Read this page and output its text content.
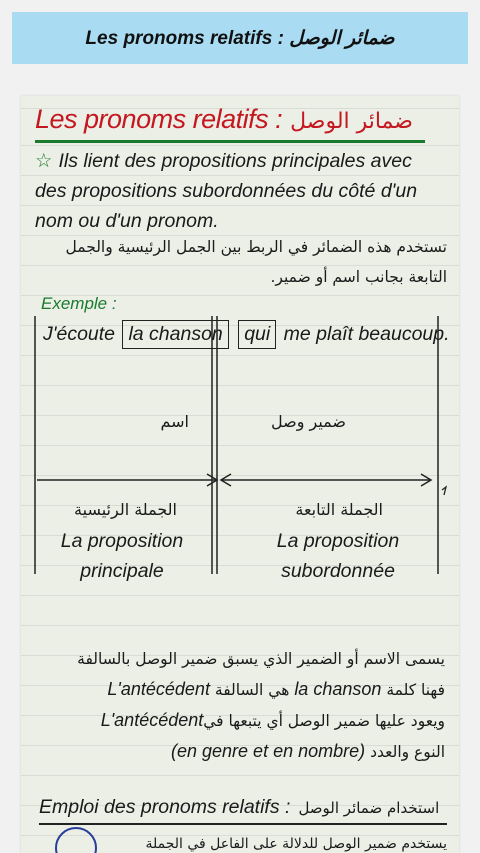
Les pronoms relatifs : ضمائر الوصل
Les pronoms relatifs : ضمائر الوصل
☆ Ils lient des propositions principales avec des propositions subordonnées du côté d'un nom ou d'un pronom.
تستخدم هذه الضمائر في الربط بين الجمل الرئيسية والجمل التابعة بجانب اسم أو ضمير.
Exemple :
J'écoute la chanson qui me plaît beaucoup.
اسم	ضمير وصل
الجملة الرئيسية	الجملة التابعة
La proposition
principale
La proposition
subordonnée
يسمى الاسم أو الضمير الذي يسبق ضمير الوصل بالسالفة
فهنا كلمة la chanson هي السالفة L'antécédent
ويعود عليها ضمير الوصل أي يتبعها فيL'antécédent
النوع والعدد (en genre et en nombre)
Emploi des pronoms relatifs : استخدام ضمائر الوصل
يستخدم ضمير الوصل للدلالة على الفاعل في الجملة
